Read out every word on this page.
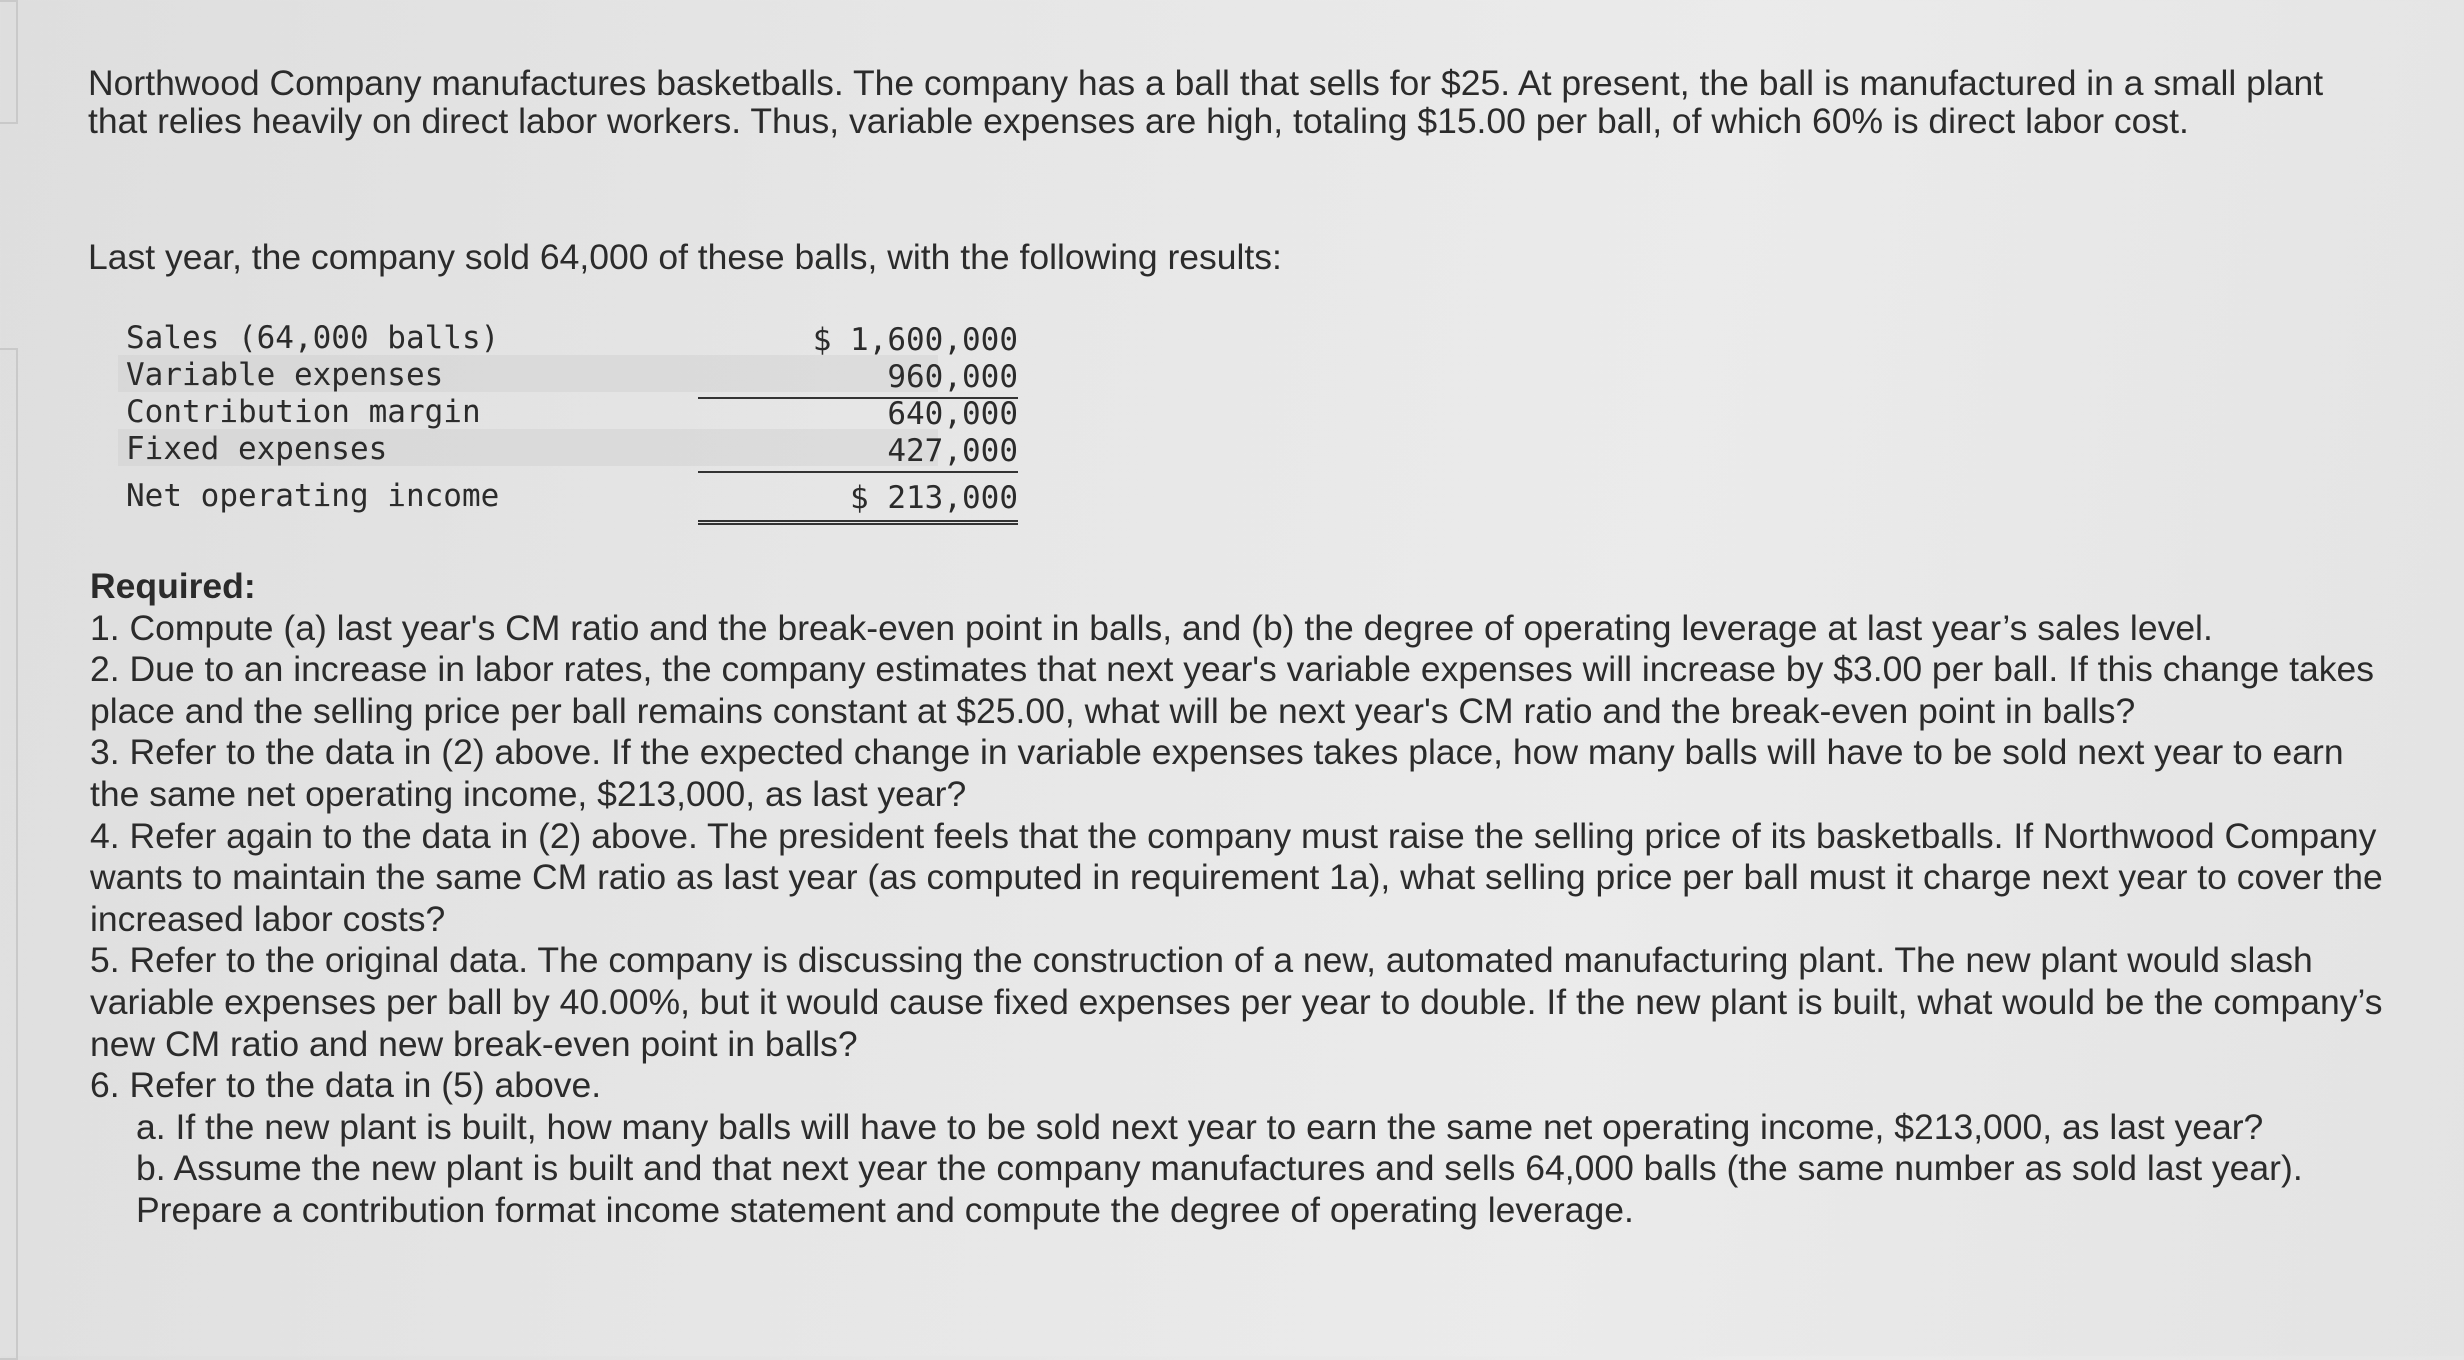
Northwood Company manufactures basketballs. The company has a ball that sells for $25. At present, the ball is manufactured in a small plant that relies heavily on direct labor workers. Thus, variable expenses are high, totaling $15.00 per ball, of which 60% is direct labor cost.

Last year, the company sold 64,000 of these balls, with the following results:

Sales (64,000 balls)	$ 1,600,000
Variable expenses	960,000
Contribution margin	640,000
Fixed expenses	427,000
Net operating income	$ 213,000

Required:

1. Compute (a) last year's CM ratio and the break-even point in balls, and (b) the degree of operating leverage at last year’s sales level.

2. Due to an increase in labor rates, the company estimates that next year's variable expenses will increase by $3.00 per ball. If this change takes place and the selling price per ball remains constant at $25.00, what will be next year's CM ratio and the break-even point in balls?

3. Refer to the data in (2) above. If the expected change in variable expenses takes place, how many balls will have to be sold next year to earn the same net operating income, $213,000, as last year?

4. Refer again to the data in (2) above. The president feels that the company must raise the selling price of its basketballs. If Northwood Company wants to maintain the same CM ratio as last year (as computed in requirement 1a), what selling price per ball must it charge next year to cover the increased labor costs?

5. Refer to the original data. The company is discussing the construction of a new, automated manufacturing plant. The new plant would slash variable expenses per ball by 40.00%, but it would cause fixed expenses per year to double. If the new plant is built, what would be the company’s new CM ratio and new break-even point in balls?

6. Refer to the data in (5) above.

a. If the new plant is built, how many balls will have to be sold next year to earn the same net operating income, $213,000, as last year?

b. Assume the new plant is built and that next year the company manufactures and sells 64,000 balls (the same number as sold last year). Prepare a contribution format income statement and compute the degree of operating leverage.
